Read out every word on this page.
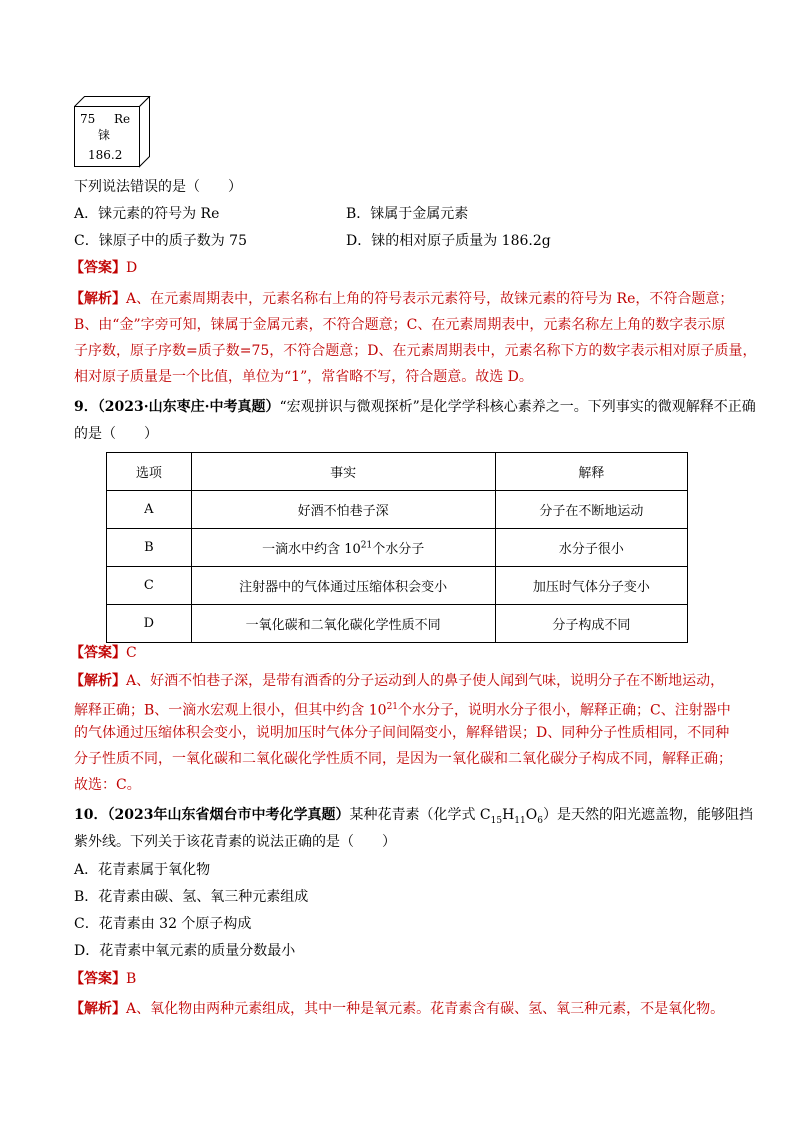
75 Re
铼
186.2
下列说法错误的是（　　）
A．铼元素的符号为 Re	B．铼属于金属元素
C．铼原子中的质子数为 75	D．铼的相对原子质量为 186.2g
【答案】D
【解析】A、在元素周期表中，元素名称右上角的符号表示元素符号，故铼元素的符号为 Re，不符合题意；
B、由“金”字旁可知，铼属于金属元素，不符合题意；C、在元素周期表中，元素名称左上角的数字表示原
子序数，原子序数=质子数=75，不符合题意；D、在元素周期表中，元素名称下方的数字表示相对原子质量，
相对原子质量是一个比值，单位为“1”，常省略不写，符合题意。故选 D。
9．（2023·山东枣庄·中考真题）“宏观拼识与微观探析”是化学学科核心素养之一。下列事实的微观解释不正确
的是（　　）
选项	事实	解释
A	好酒不怕巷子深	分子在不断地运动
B	一滴水中约含 $10^{21}$个水分子	水分子很小
C	注射器中的气体通过压缩体积会变小	加压时气体分子变小
D	一氧化碳和二氧化碳化学性质不同	分子构成不同
【答案】C
【解析】A、好酒不怕巷子深，是带有酒香的分子运动到人的鼻子使人闻到气味，说明分子在不断地运动，
解释正确；B、一滴水宏观上很小，但其中约含 $10^{21}$个水分子，说明水分子很小，解释正确；C、注射器中
的气体通过压缩体积会变小，说明加压时气体分子间间隔变小，解释错误；D、同种分子性质相同，不同种
分子性质不同，一氧化碳和二氧化碳化学性质不同，是因为一氧化碳和二氧化碳分子构成不同，解释正确；
故选：C。
10．（2023年山东省烟台市中考化学真题）某种花青素（化学式 $C_{15}H_{11}O_6$）是天然的阳光遮盖物，能够阻挡
紫外线。下列关于该花青素的说法正确的是（　　）
A．花青素属于氧化物
B．花青素由碳、氢、氧三种元素组成
C．花青素由 32 个原子构成
D．花青素中氧元素的质量分数最小
【答案】B
【解析】A、氧化物由两种元素组成，其中一种是氧元素。花青素含有碳、氢、氧三种元素，不是氧化物。
